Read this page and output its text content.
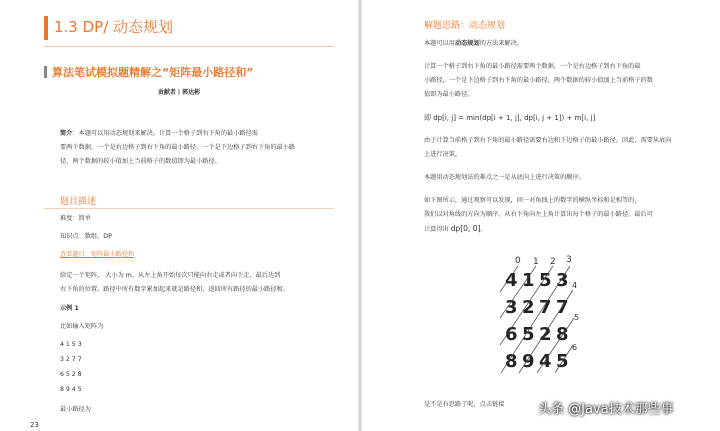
1.3 DP/ 动态规划
算法笔试模拟题精解之“矩阵最小路径和”
贡献者 | 郭达彬
简介：本题可以用动态规划来解决。计算一个格子到右下角的最小路径需
要两个数据，一个是右边格子到右下角的最小路径、一个是下边格子到右下角的最小路
径，两个数据的较小值加上当前格子的数值即为最小路径。
题目描述
难度：简单
知识点：数组、DP
查看题目：矩阵最小路径和
给定一个矩阵， 大小为 m，从左上角开始每次只能向右走或者向下走，最后达到
右下角的位置。路径中所有数字累加起来就是路径和，返回所有路径的最小路径和。
示例 1
比如输入矩阵为
4 1 5 3
3 2 7 7
6 5 2 8
8 9 4 5
最小路径为
23
解题思路：动态规划
本题可以用动态规划的方法来解决。
计算一个格子到右下角的最小路径需要两个数据，一个是右边格子到右下角的最
小路径，一个是下边格子到右下角的最小路径，两个数据的较小值加上当前格子的数
值即为最小路径。
即 dp[i, j] = min(dp[i + 1, j], dp[i, j + 1]) + m[i, j]
由于计算当前格子到右下角的最小路径需要右边和下边格子的最小路径。因此，需要从底向
上进行决策。
本题用动态规划法的难点之一是从底向上进行决策的顺序。
如下图所示，通过观察可以发现，同一对角线上的数字的横纵坐标和是相等的，
我们以对角线的方向为顺序，从右下角向左上角计算出每个格子的最小路径。最后可
计算得出 dp[0, 0]。
0 1 2 3
4
5
6
4 1 5 3
3 2 7 7
6 5 2 8
8 9 4 5
是不是有思路了呢，点击链接	头条 @Java技术那些事
